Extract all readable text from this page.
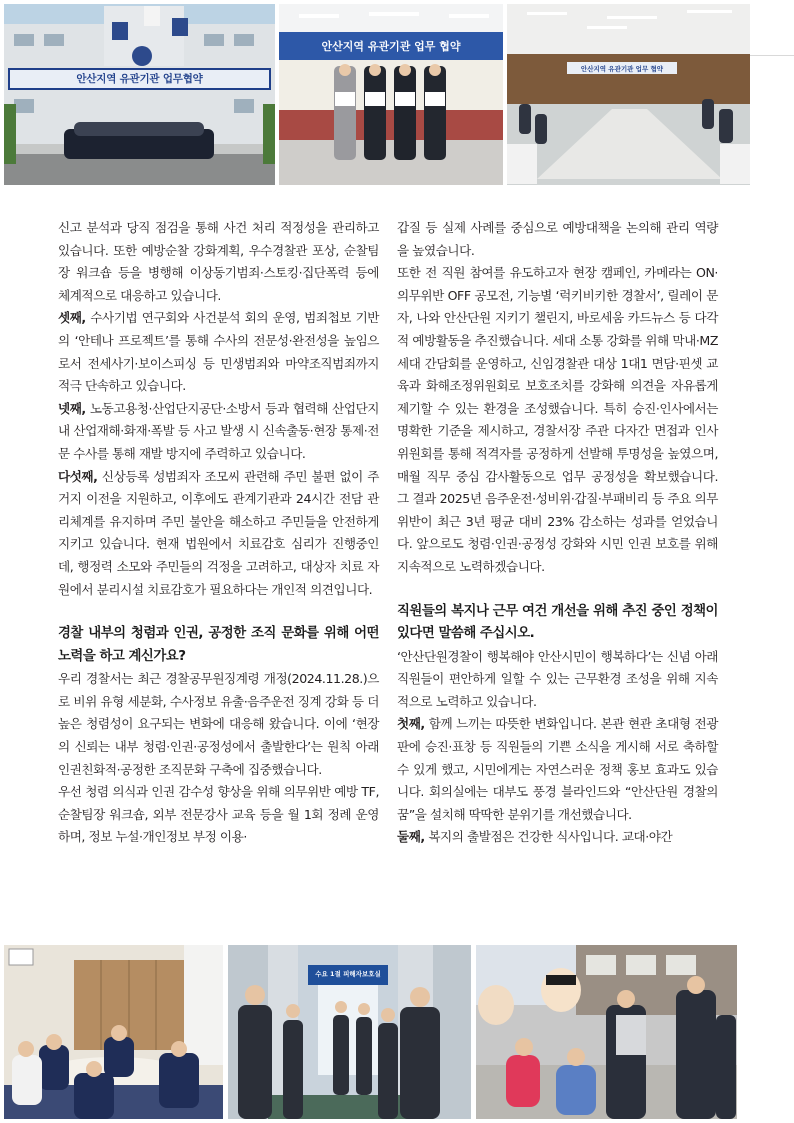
안산지역 유관기관 업무협약
안산지역 유관기관 업무 협약
안산지역 유관기관 업무 협약

신고 분석과 당직 점검을 통해 사건 처리 적정성을 관리하고 있습니다. 또한 예방순찰 강화계획, 우수경찰관 포상, 순찰팀장 워크숍 등을 병행해 이상동기범죄·스토킹·집단폭력 등에 체계적으로 대응하고 있습니다.

셋째, 수사기법 연구회와 사건분석 회의 운영, 범죄첩보 기반의 ‘안테나 프로젝트’를 통해 수사의 전문성·완전성을 높임으로서 전세사기·보이스피싱 등 민생범죄와 마약조직범죄까지 적극 단속하고 있습니다.

넷째, 노동고용청·산업단지공단·소방서 등과 협력해 산업단지 내 산업재해·화재·폭발 등 사고 발생 시 신속출동·현장 통제·전문 수사를 통해 재발 방지에 주력하고 있습니다.

다섯째, 신상등록 성범죄자 조모씨 관련해 주민 불편 없이 주거지 이전을 지원하고, 이후에도 관계기관과 24시간 전담 관리체계를 유지하며 주민 불안을 해소하고 주민들을 안전하게 지키고 있습니다. 현재 법원에서 치료감호 심리가 진행중인데, 행정력 소모와 주민들의 걱정을 고려하고, 대상자 치료 자원에서 분리시설 치료감호가 필요하다는 개인적 의견입니다.

경찰 내부의 청렴과 인권, 공정한 조직 문화를 위해 어떤 노력을 하고 계신가요?

우리 경찰서는 최근 경찰공무원징계령 개정(2024.11.28.)으로 비위 유형 세분화, 수사정보 유출·음주운전 징계 강화 등 더 높은 청렴성이 요구되는 변화에 대응해 왔습니다. 이에 ‘현장의 신뢰는 내부 청렴·인권·공정성에서 출발한다’는 원칙 아래 인권친화적·공정한 조직문화 구축에 집중했습니다.

우선 청렴 의식과 인권 감수성 향상을 위해 의무위반 예방 TF, 순찰팀장 워크숍, 외부 전문강사 교육 등을 월 1회 정례 운영하며, 정보 누설·개인정보 부정 이용·

갑질 등 실제 사례를 중심으로 예방대책을 논의해 관리 역량을 높였습니다.

또한 전 직원 참여를 유도하고자 현장 캠페인, 카메라는 ON·의무위반 OFF 공모전, 기능별 ‘럭키비키한 경찰서’, 릴레이 문자, 나와 안산단원 지키기 챌린지, 바로세움 카드뉴스 등 다각적 예방활동을 추진했습니다. 세대 소통 강화를 위해 막내·MZ세대 간담회를 운영하고, 신임경찰관 대상 1대1 면담·핀셋 교육과 화해조정위원회로 보호조치를 강화해 의견을 자유롭게 제기할 수 있는 환경을 조성했습니다. 특히 승진·인사에서는 명확한 기준을 제시하고, 경찰서장 주관 다자간 면접과 인사위원회를 통해 적격자를 공정하게 선발해 투명성을 높였으며, 매월 직무 중심 감사활동으로 업무 공정성을 확보했습니다. 그 결과 2025년 음주운전·성비위·갑질·부패비리 등 주요 의무위반이 최근 3년 평균 대비 23% 감소하는 성과를 얻었습니다. 앞으로도 청렴·인권·공정성 강화와 시민 인권 보호를 위해 지속적으로 노력하겠습니다.

직원들의 복지나 근무 여건 개선을 위해 추진 중인 정책이 있다면 말씀해 주십시오.

‘안산단원경찰이 행복해야 안산시민이 행복하다’는 신념 아래 직원들이 편안하게 일할 수 있는 근무환경 조성을 위해 지속적으로 노력하고 있습니다.

첫째, 함께 느끼는 따뜻한 변화입니다. 본관 현관 초대형 전광판에 승진·표창 등 직원들의 기쁜 소식을 게시해 서로 축하할 수 있게 했고, 시민에게는 자연스러운 정책 홍보 효과도 있습니다. 회의실에는 대부도 풍경 블라인드와 “안산단원 경찰의 꿈”을 설치해 딱딱한 분위기를 개선했습니다.

둘째, 복지의 출발점은 건강한 식사입니다. 교대·야간

수요 1절 피해자보호실
